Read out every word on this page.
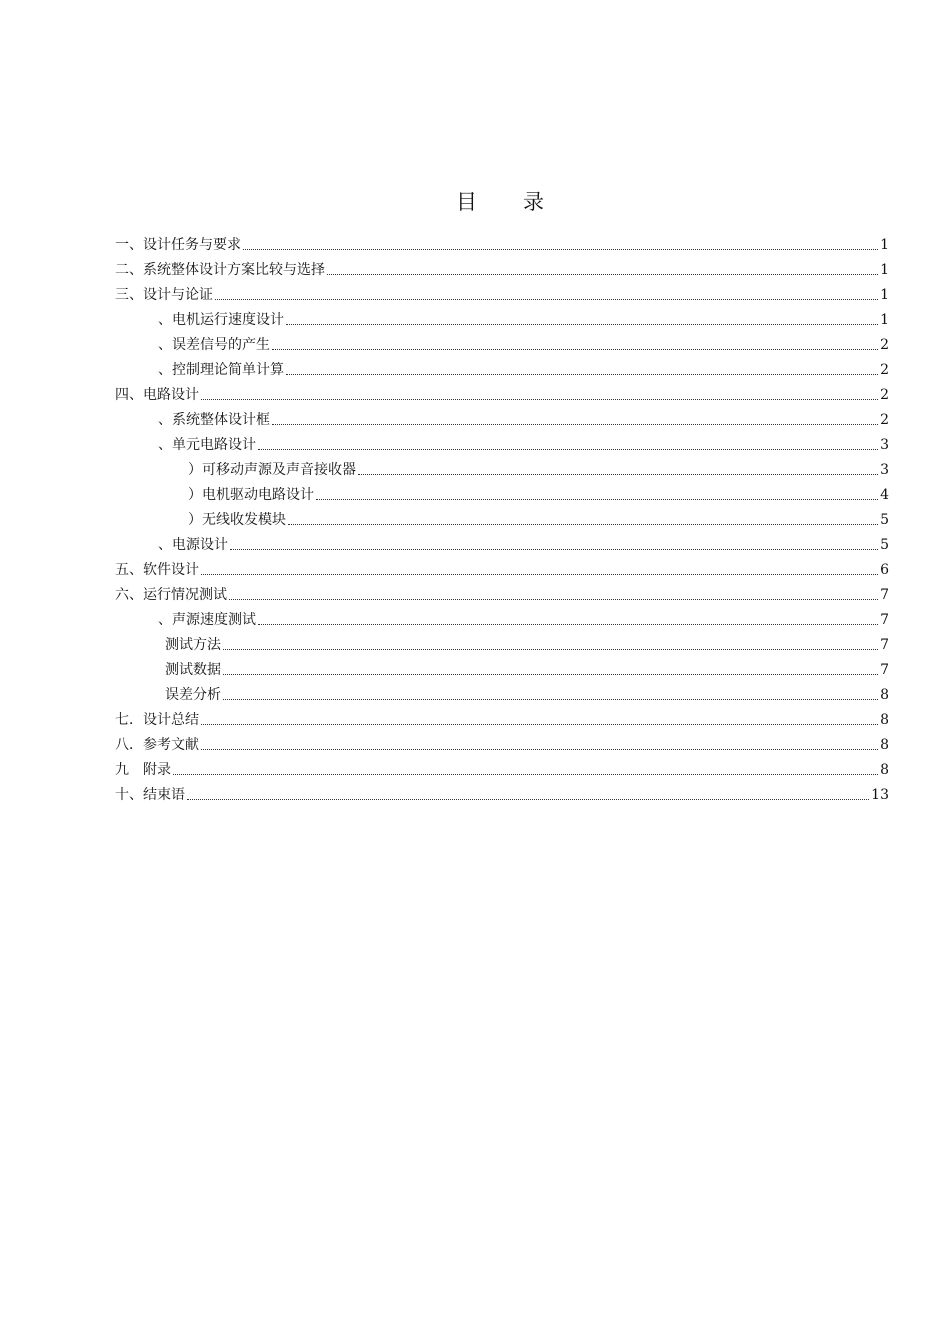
目 录
一、设计任务与要求	1
二、系统整体设计方案比较与选择	1
三、设计与论证	1
、电机运行速度设计	1
、误差信号的产生	2
、控制理论简单计算	2
四、电路设计	2
、系统整体设计框	2
、单元电路设计	3
）可移动声源及声音接收器	3
）电机驱动电路设计	4
）无线收发模块	5
、电源设计	5
五、软件设计	6
六、运行情况测试	7
、声源速度测试	7
测试方法	7
测试数据	7
误差分析	8
七．设计总结	8
八．参考文献	8
九　附录	8
十、结束语	13
